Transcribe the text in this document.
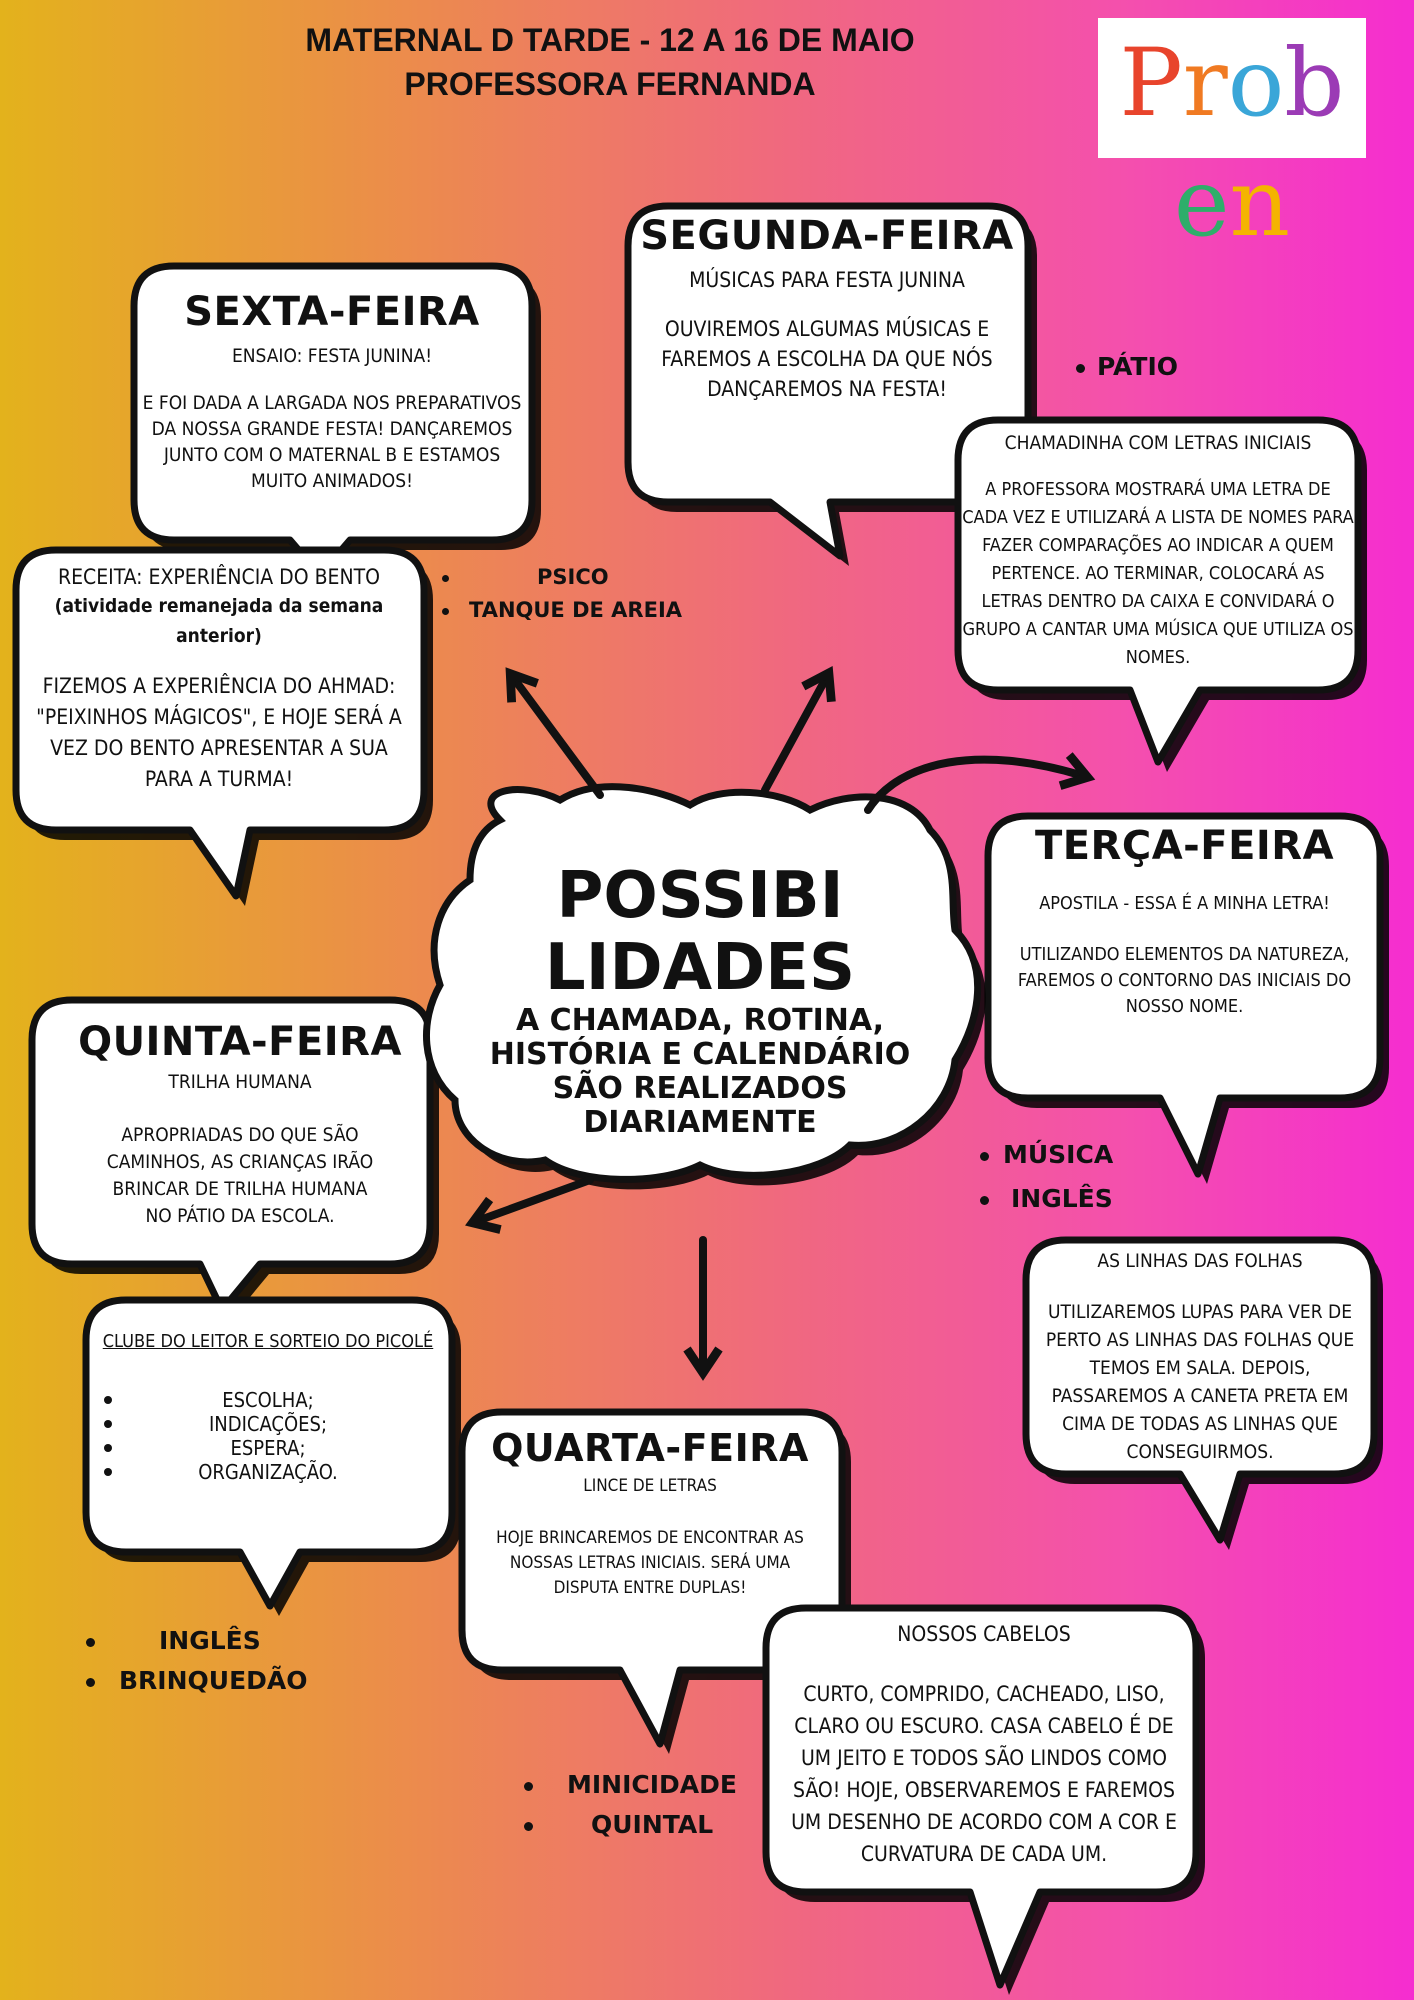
MATERNAL D TARDE - 12 A 16 DE MAIO
PROFESSORA FERNANDA	Proben
SEGUNDA-FEIRA
MÚSICAS PARA FESTA JUNINA
OUVIREMOS ALGUMAS MÚSICAS E FAREMOS A ESCOLHA DA QUE NÓS DANÇAREMOS NA FESTA!
SEXTA-FEIRA
ENSAIO: FESTA JUNINA!
E FOI DADA A LARGADA NOS PREPARATIVOS DA NOSSA GRANDE FESTA! DANÇAREMOS JUNTO COM O MATERNAL B E ESTAMOS MUITO ANIMADOS!
CHAMADINHA COM LETRAS INICIAIS
A PROFESSORA MOSTRARÁ UMA LETRA DE CADA VEZ E UTILIZARÁ A LISTA DE NOMES PARA FAZER COMPARAÇÕES AO INDICAR A QUEM PERTENCE. AO TERMINAR, COLOCARÁ AS LETRAS DENTRO DA CAIXA E CONVIDARÁ O GRUPO A CANTAR UMA MÚSICA QUE UTILIZA OS NOMES.
RECEITA: EXPERIÊNCIA DO BENTO
(atividade remanejada da semana anterior)
FIZEMOS A EXPERIÊNCIA DO AHMAD: "PEIXINHOS MÁGICOS", E HOJE SERÁ A VEZ DO BENTO APRESENTAR A SUA PARA A TURMA!
TERÇA-FEIRA
APOSTILA - ESSA É A MINHA LETRA!
UTILIZANDO ELEMENTOS DA NATUREZA, FAREMOS O CONTORNO DAS INICIAIS DO NOSSO NOME.
QUINTA-FEIRA
TRILHA HUMANA
APROPRIADAS DO QUE SÃO CAMINHOS, AS CRIANÇAS IRÃO BRINCAR DE TRILHA HUMANA NO PÁTIO DA ESCOLA.
AS LINHAS DAS FOLHAS
UTILIZAREMOS LUPAS PARA VER DE PERTO AS LINHAS DAS FOLHAS QUE TEMOS EM SALA. DEPOIS, PASSAREMOS A CANETA PRETA EM CIMA DE TODAS AS LINHAS QUE CONSEGUIRMOS.
CLUBE DO LEITOR E SORTEIO DO PICOLÉ
ESCOLHA;
INDICAÇÕES;
ESPERA;
ORGANIZAÇÃO.
QUARTA-FEIRA
LINCE DE LETRAS
HOJE BRINCAREMOS DE ENCONTRAR AS NOSSAS LETRAS INICIAIS. SERÁ UMA DISPUTA ENTRE DUPLAS!
NOSSOS CABELOS
CURTO, COMPRIDO, CACHEADO, LISO, CLARO OU ESCURO. CASA CABELO É DE UM JEITO E TODOS SÃO LINDOS COMO SÃO! HOJE, OBSERVAREMOS E FAREMOS UM DESENHO DE ACORDO COM A COR E CURVATURA DE CADA UM.
POSSIBI
LIDADES
A CHAMADA, ROTINA, HISTÓRIA E CALENDÁRIO SÃO REALIZADOS DIARIAMENTE
PÁTIO
PSICO
TANQUE DE AREIA
MÚSICA
INGLÊS
INGLÊS
BRINQUEDÃO
MINICIDADE
QUINTAL
